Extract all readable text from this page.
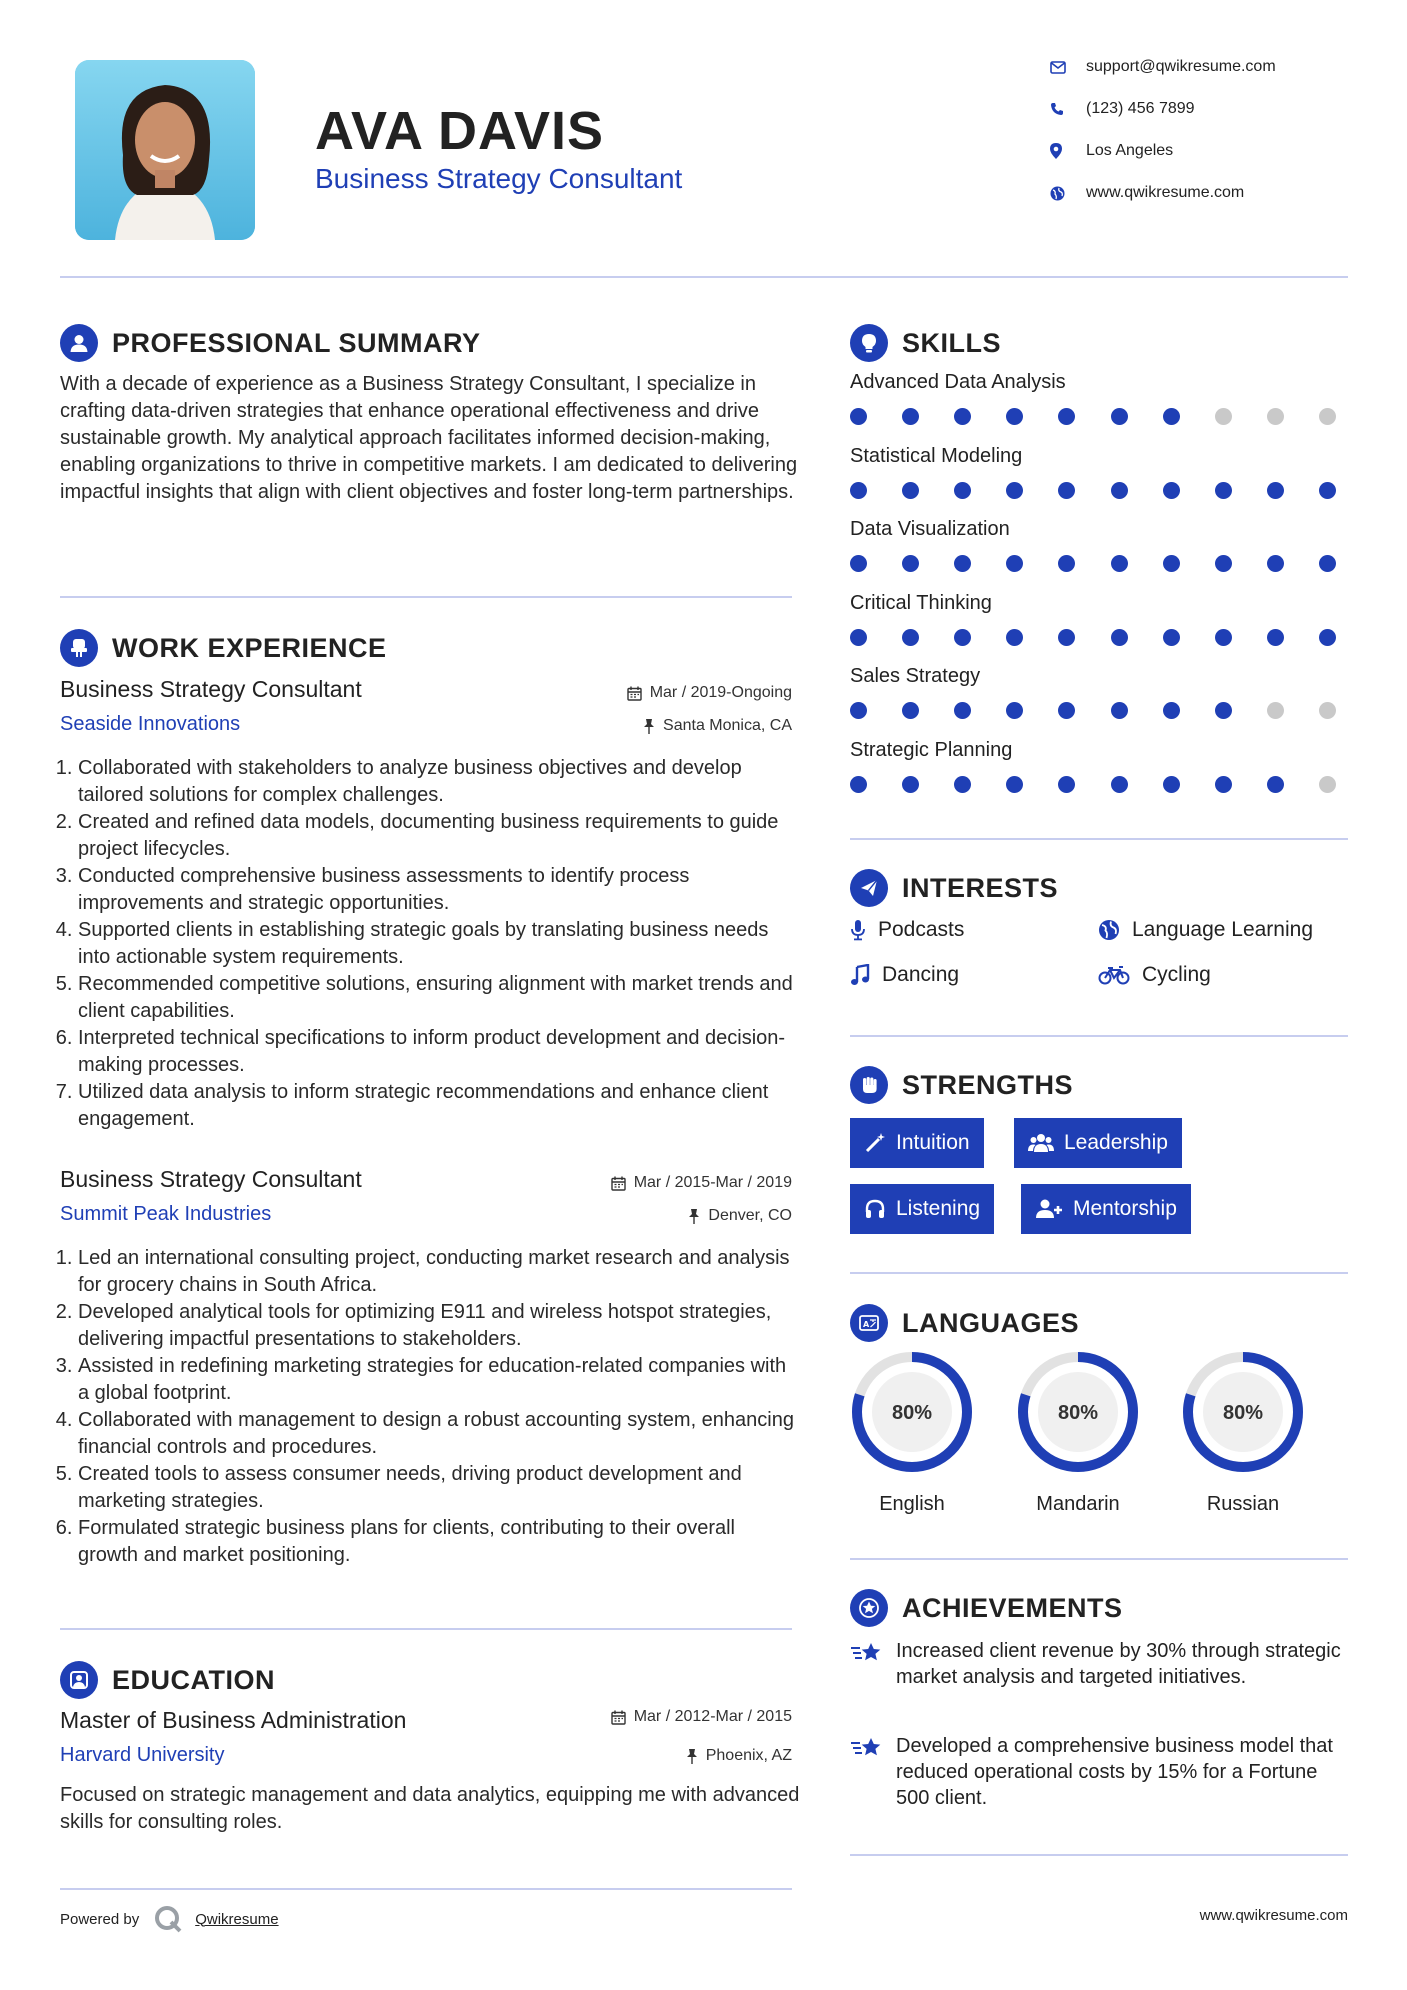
AVA DAVIS
Business Strategy Consultant
support@qwikresume.com
(123) 456 7899
Los Angeles
www.qwikresume.com
PROFESSIONAL SUMMARY
With a decade of experience as a Business Strategy Consultant, I specialize in crafting data-driven strategies that enhance operational effectiveness and drive sustainable growth. My analytical approach facilitates informed decision-making, enabling organizations to thrive in competitive markets. I am dedicated to delivering impactful insights that align with client objectives and foster long-term partnerships.
WORK EXPERIENCE
Business Strategy Consultant	Mar / 2019-Ongoing
Seaside Innovations	Santa Monica, CA
1. Collaborated with stakeholders to analyze business objectives and develop tailored solutions for complex challenges.
2. Created and refined data models, documenting business requirements to guide project lifecycles.
3. Conducted comprehensive business assessments to identify process improvements and strategic opportunities.
4. Supported clients in establishing strategic goals by translating business needs into actionable system requirements.
5. Recommended competitive solutions, ensuring alignment with market trends and client capabilities.
6. Interpreted technical specifications to inform product development and decision-making processes.
7. Utilized data analysis to inform strategic recommendations and enhance client engagement.
Business Strategy Consultant	Mar / 2015-Mar / 2019
Summit Peak Industries	Denver, CO
1. Led an international consulting project, conducting market research and analysis for grocery chains in South Africa.
2. Developed analytical tools for optimizing E911 and wireless hotspot strategies, delivering impactful presentations to stakeholders.
3. Assisted in redefining marketing strategies for education-related companies with a global footprint.
4. Collaborated with management to design a robust accounting system, enhancing financial controls and procedures.
5. Created tools to assess consumer needs, driving product development and marketing strategies.
6. Formulated strategic business plans for clients, contributing to their overall growth and market positioning.
EDUCATION
Master of Business Administration	Mar / 2012-Mar / 2015
Harvard University	Phoenix, AZ
Focused on strategic management and data analytics, equipping me with advanced skills for consulting roles.
Powered by	Qwikresume	www.qwikresume.com
SKILLS
Advanced Data Analysis
Statistical Modeling
Data Visualization
Critical Thinking
Sales Strategy
Strategic Planning
INTERESTS
Podcasts	Language Learning
Dancing	Cycling
STRENGTHS
Intuition	Leadership
Listening	Mentorship
A LANGUAGES
80%
English
80%
Mandarin
80%
Russian
ACHIEVEMENTS
Increased client revenue by 30% through strategic market analysis and targeted initiatives.
Developed a comprehensive business model that reduced operational costs by 15% for a Fortune 500 client.
